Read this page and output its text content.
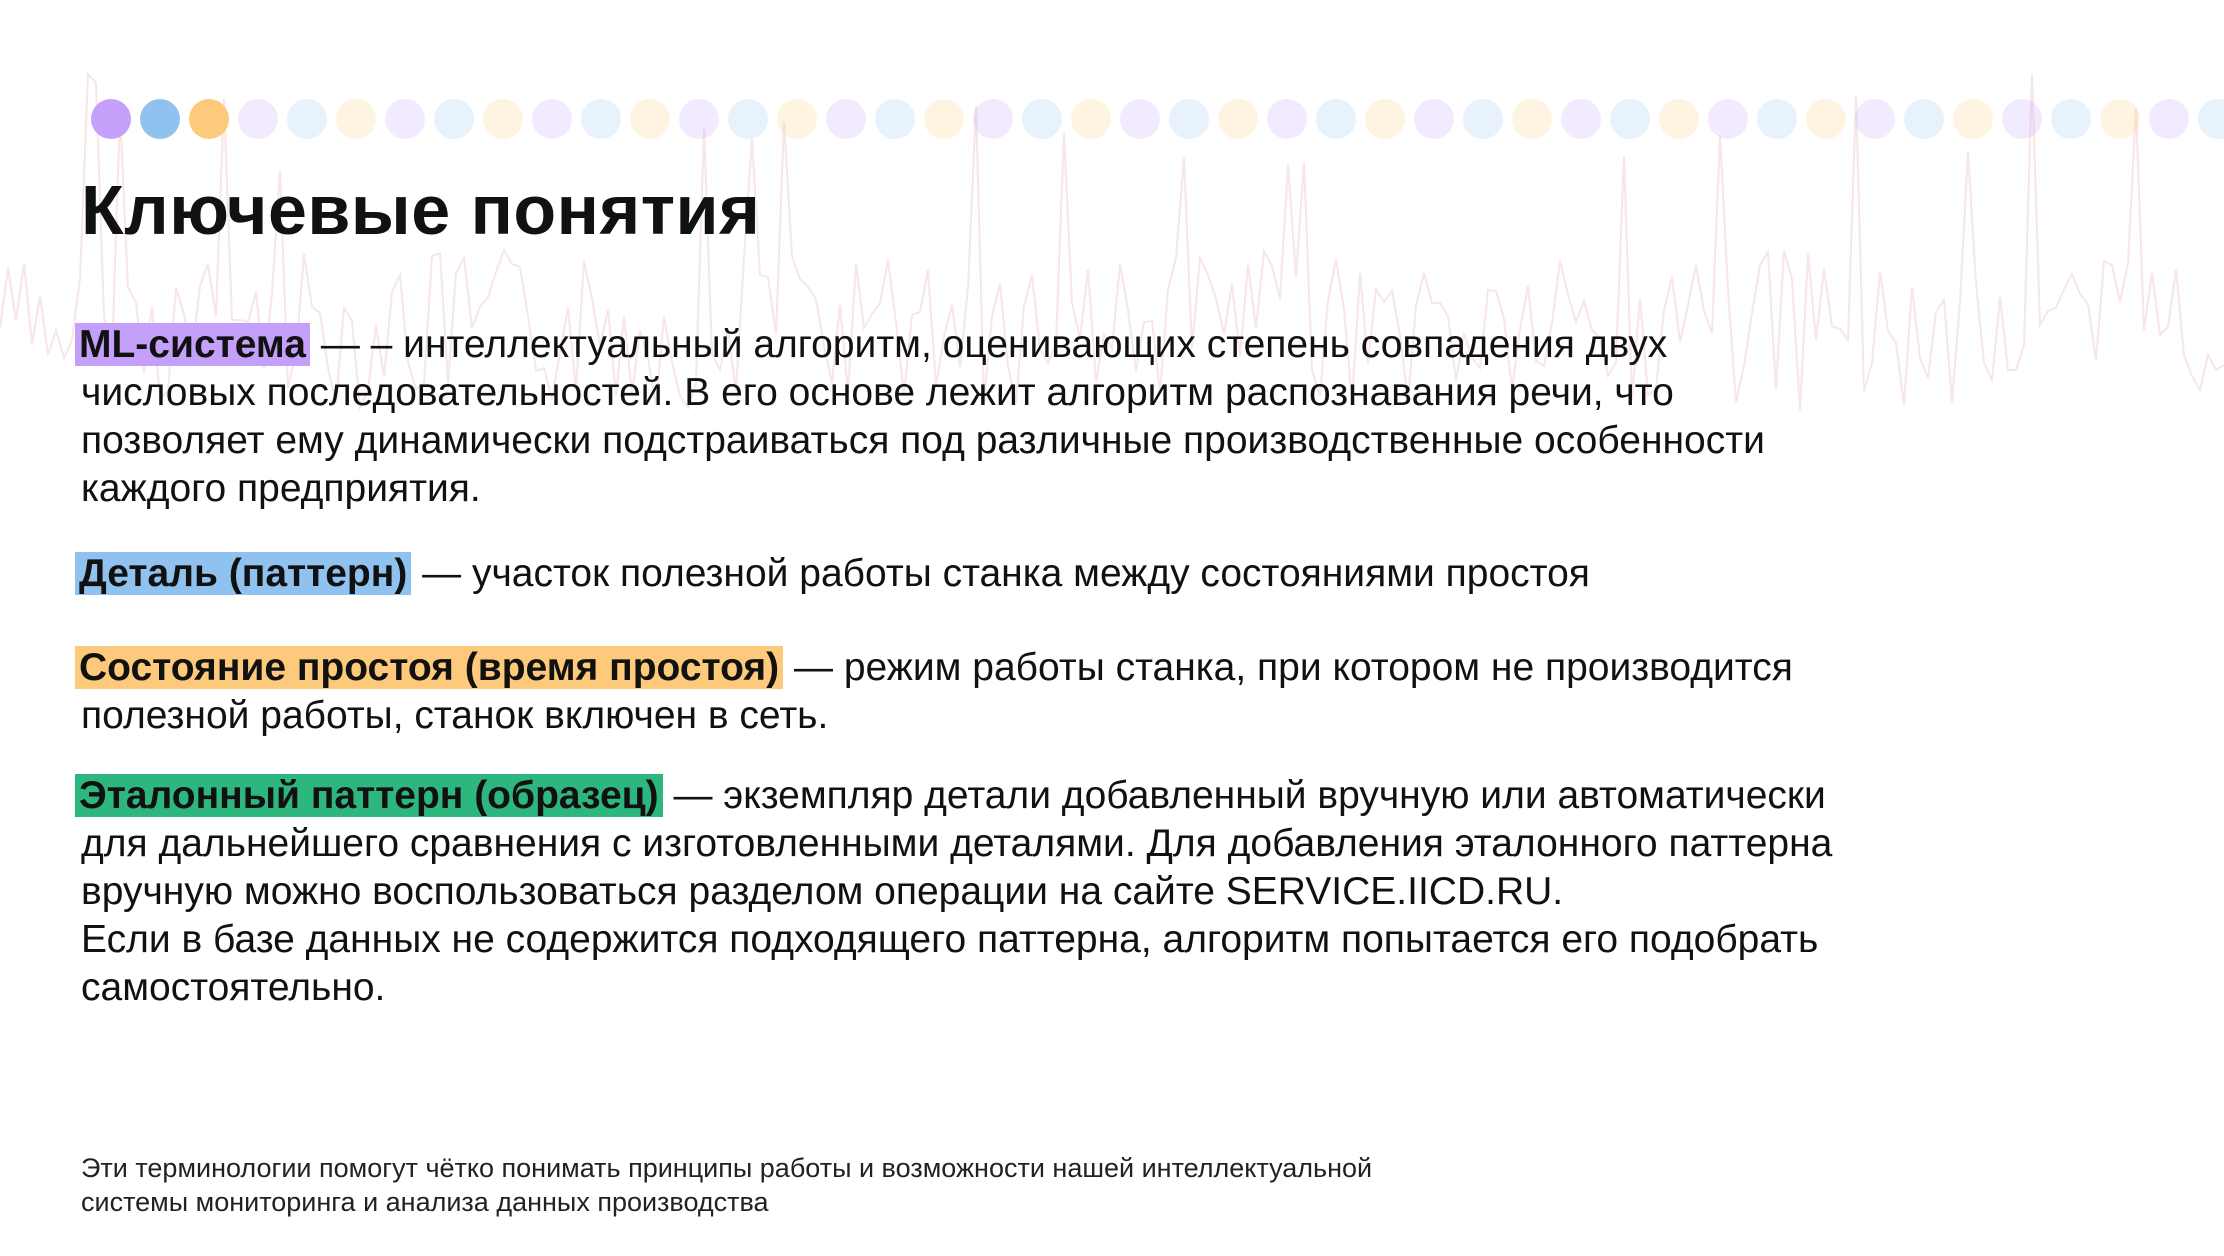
Ключевые понятия
ML-система — – интеллектуальный алгоритм, оценивающих степень совпадения двух
числовых последовательностей. В его основе лежит алгоритм распознавания речи, что
позволяет ему динамически подстраиваться под различные производственные особенности
каждого предприятия.
Деталь (паттерн) — участок полезной работы станка между состояниями простоя
Состояние простоя (время простоя) — режим работы станка, при котором не производится
полезной работы, станок включен в сеть.
Эталонный паттерн (образец) — экземпляр детали добавленный вручную или автоматически
для дальнейшего сравнения с изготовленными деталями. Для добавления эталонного паттерна
вручную можно воспользоваться разделом операции на сайте SERVICE.IICD.RU.
Если в базе данных не содержится подходящего паттерна, алгоритм попытается его подобрать
самостоятельно.
Эти терминологии помогут чётко понимать принципы работы и возможности нашей интеллектуальной
системы мониторинга и анализа данных производства
